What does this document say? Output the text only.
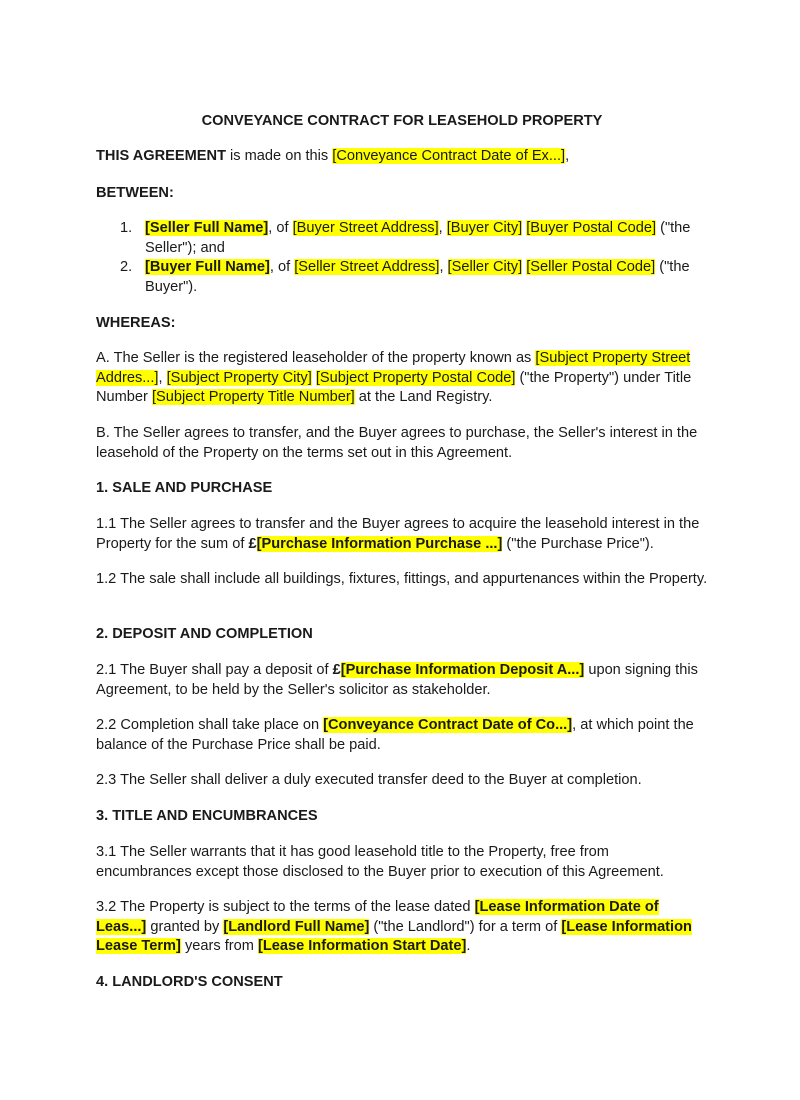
CONVEYANCE CONTRACT FOR LEASEHOLD PROPERTY
THIS AGREEMENT is made on this [Conveyance Contract Date of Ex...],
BETWEEN:
1. [Seller Full Name], of [Buyer Street Address], [Buyer City] [Buyer Postal Code] ("the Seller"); and
2. [Buyer Full Name], of [Seller Street Address], [Seller City] [Seller Postal Code] ("the Buyer").
WHEREAS:
A. The Seller is the registered leaseholder of the property known as [Subject Property Street Addres...], [Subject Property City] [Subject Property Postal Code] ("the Property") under Title Number [Subject Property Title Number] at the Land Registry.
B. The Seller agrees to transfer, and the Buyer agrees to purchase, the Seller's interest in the leasehold of the Property on the terms set out in this Agreement.
1. SALE AND PURCHASE
1.1 The Seller agrees to transfer and the Buyer agrees to acquire the leasehold interest in the Property for the sum of £[Purchase Information Purchase ...] ("the Purchase Price").
1.2 The sale shall include all buildings, fixtures, fittings, and appurtenances within the Property.
2. DEPOSIT AND COMPLETION
2.1 The Buyer shall pay a deposit of £[Purchase Information Deposit A...] upon signing this Agreement, to be held by the Seller's solicitor as stakeholder.
2.2 Completion shall take place on [Conveyance Contract Date of Co...], at which point the balance of the Purchase Price shall be paid.
2.3 The Seller shall deliver a duly executed transfer deed to the Buyer at completion.
3. TITLE AND ENCUMBRANCES
3.1 The Seller warrants that it has good leasehold title to the Property, free from encumbrances except those disclosed to the Buyer prior to execution of this Agreement.
3.2 The Property is subject to the terms of the lease dated [Lease Information Date of Leas...] granted by [Landlord Full Name] ("the Landlord") for a term of [Lease Information Lease Term] years from [Lease Information Start Date].
4. LANDLORD'S CONSENT
